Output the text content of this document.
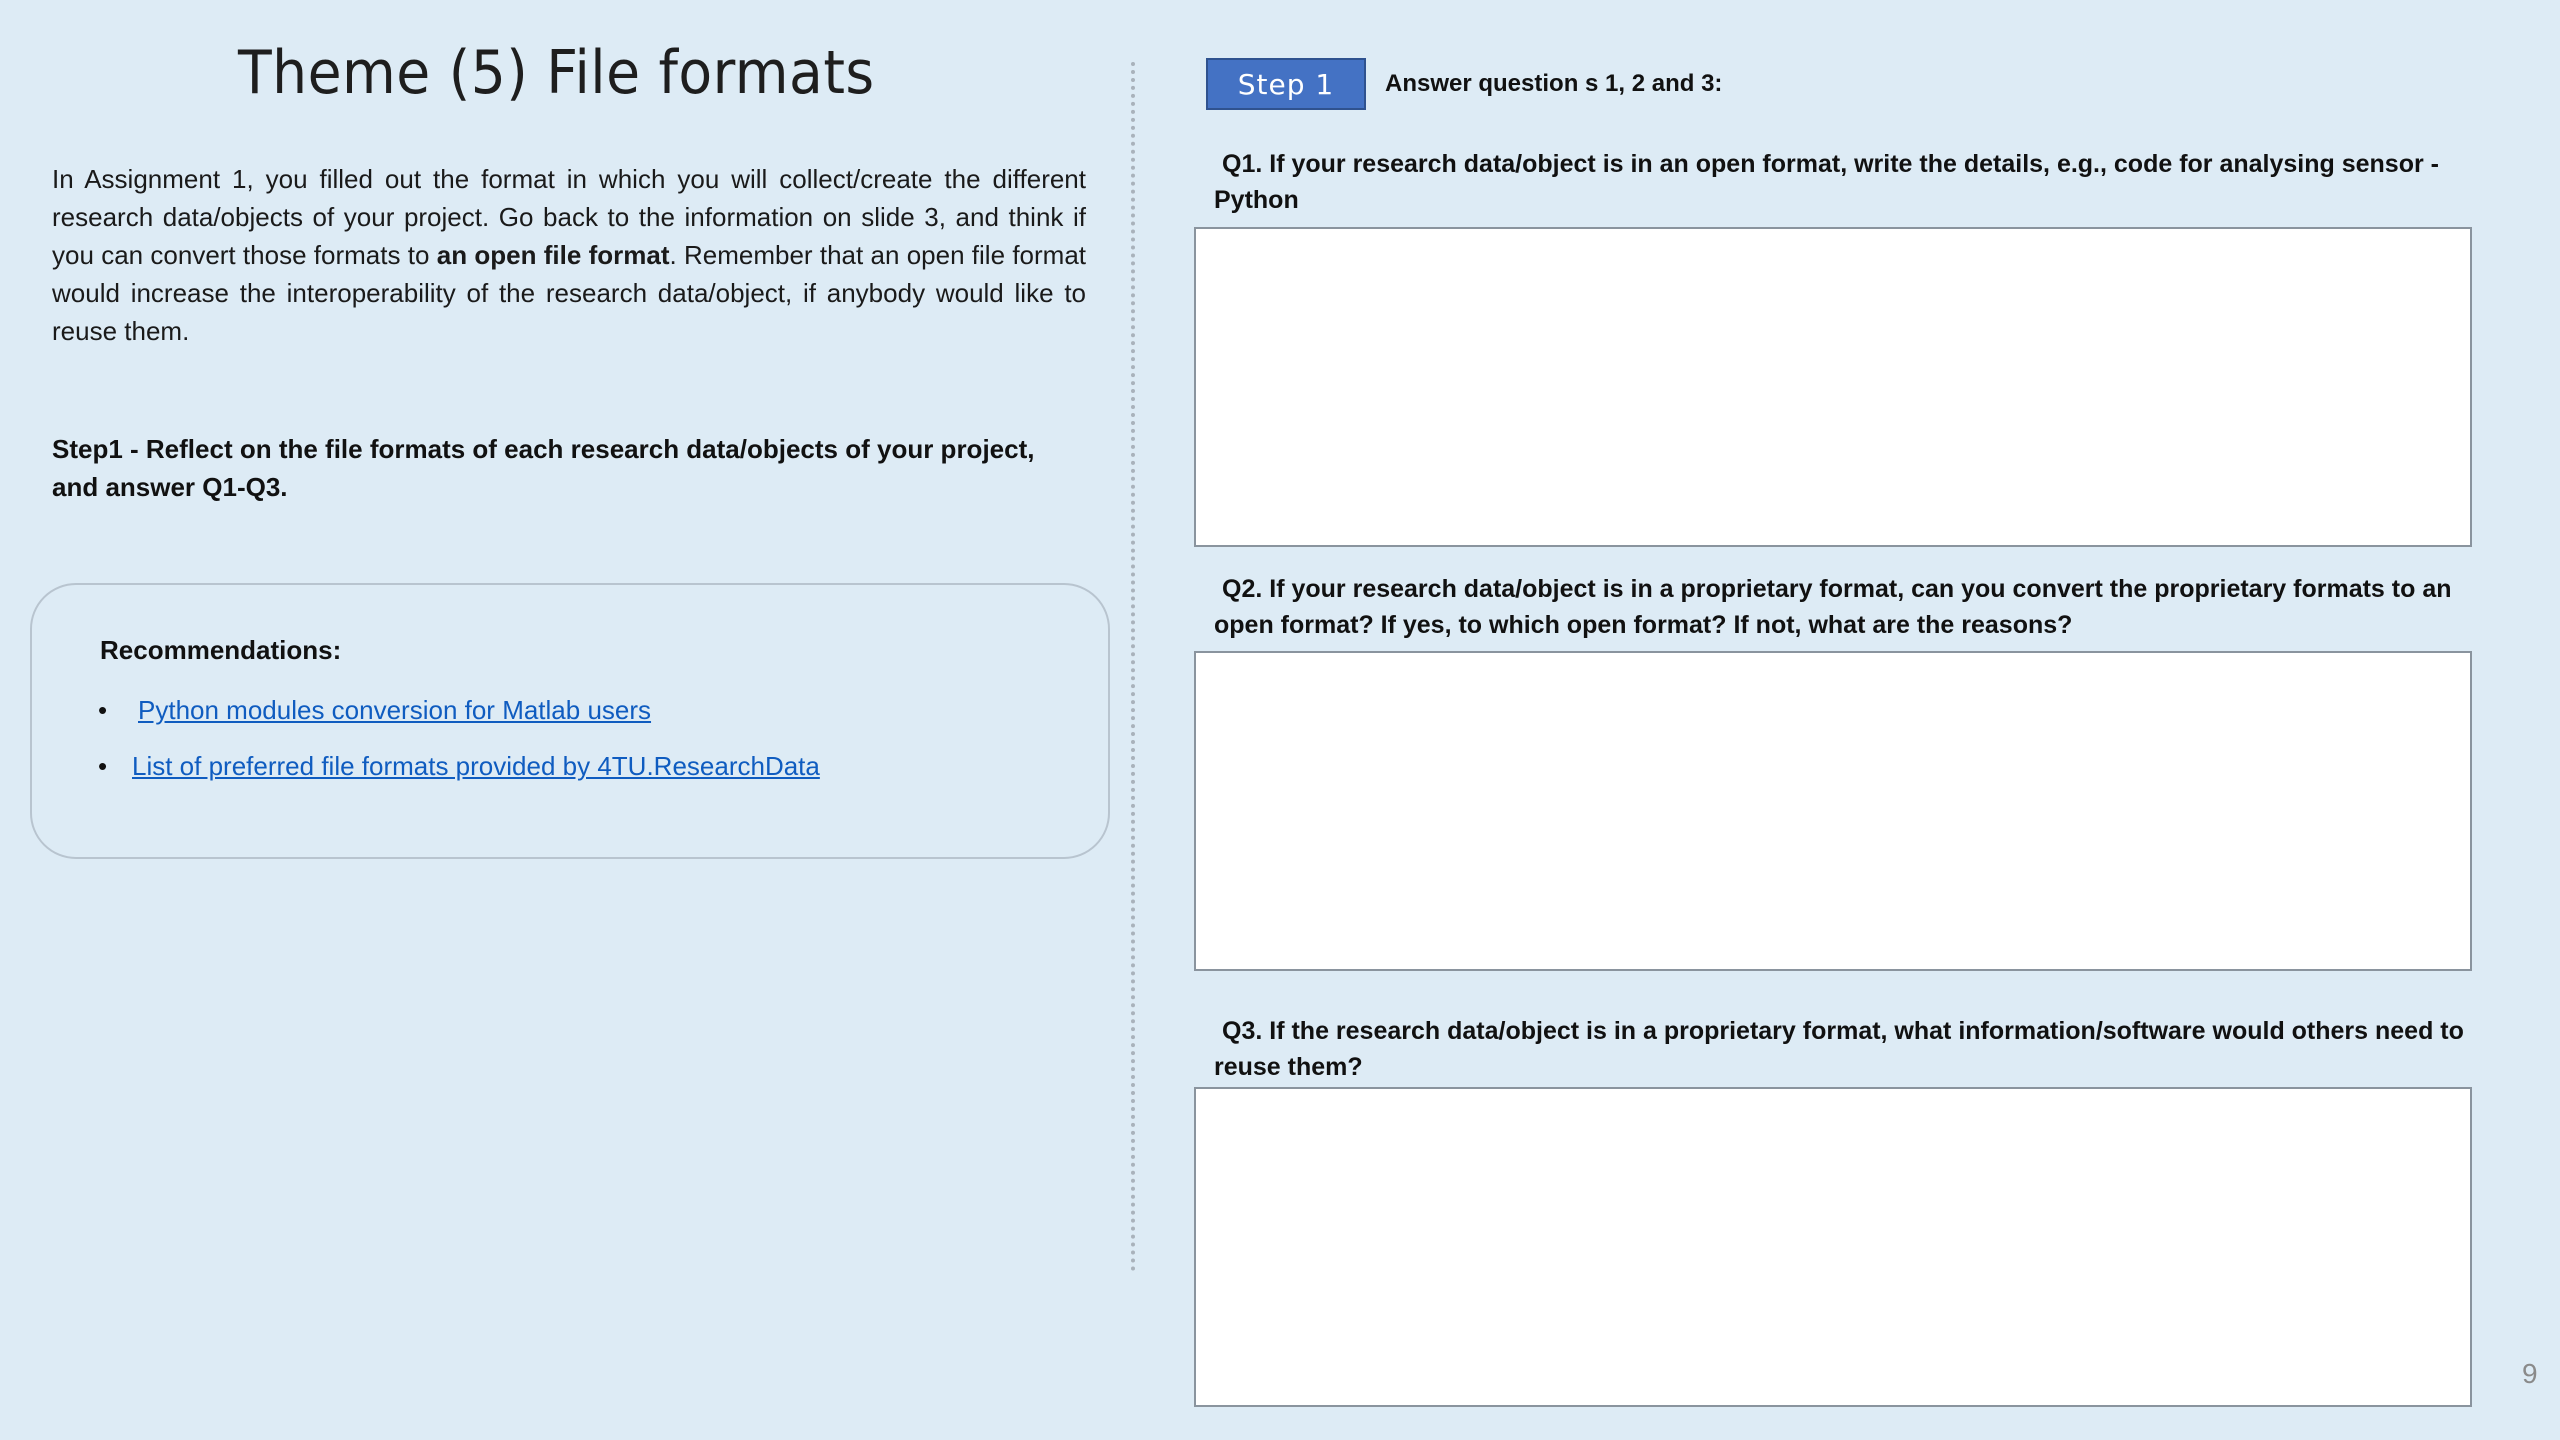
Theme (5) File formats

In Assignment 1, you filled out the format in which you will collect/create the different research data/objects of your project. Go back to the information on slide 3, and think if you can convert those formats to an open file format. Remember that an open file format would increase the interoperability of the research data/object, if anybody would like to reuse them.

Step1 - Reflect on the file formats of each research data/objects of your project, and answer Q1-Q3.

Recommendations:
• Python modules conversion for Matlab users
• List of preferred file formats provided by 4TU.ResearchData
Step 1	Answer question s 1, 2 and 3:
Q1. If your research data/object is in an open format, write the details, e.g., code for analysing sensor - Python
Q2. If your research data/object is in a proprietary format, can you convert the proprietary formats to an open format? If yes, to which open format? If not, what are the reasons?
Q3. If the research data/object is in a proprietary format, what information/software would others need to reuse them?
9
